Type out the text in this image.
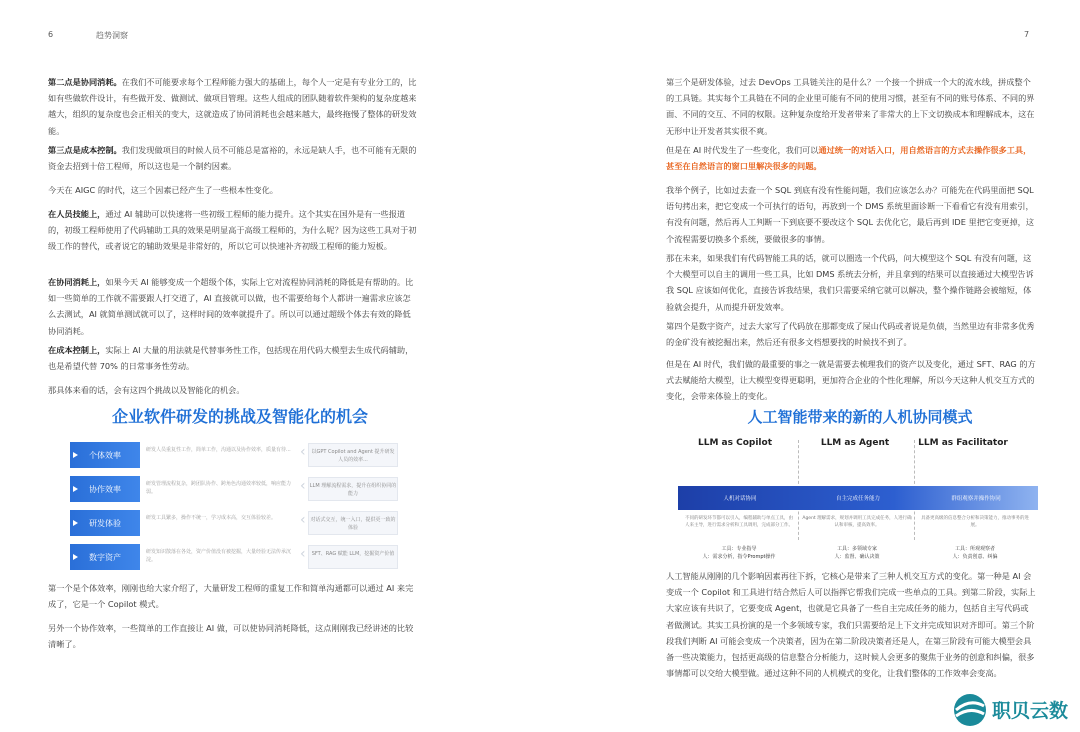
6	趋势洞察

第二点是协同消耗。在我们不可能要求每个工程师能力强大的基础上，每个人一定是有专业分工的，比如有些做软件设计，有些做开发、做测试、做项目管理。这些人组成的团队随着软件架构的复杂度越来越大，组织的复杂度也会正相关的变大，这就造成了协同消耗也会越来越大，最终拖慢了整体的研发效能。

第三点是成本控制。我们发现做项目的时候人员不可能总是富裕的，永远是缺人手，也不可能有无限的资金去招到十倍工程师，所以这也是一个制约因素。

今天在 AIGC 的时代，这三个因素已经产生了一些根本性变化。

在人员技能上，通过 AI 辅助可以快速将一些初级工程师的能力提升。这个其实在国外是有一些报道的，初级工程师使用了代码辅助工具的效果是明显高于高级工程师的，为什么呢？因为这些工具对于初级工作的替代，或者说它的辅助效果是非常好的，所以它可以快速补齐初级工程师的能力短板。

在协同消耗上，如果今天 AI 能够变成一个超级个体，实际上它对流程协同消耗的降低是有帮助的。比如一些简单的工作就不需要跟人打交道了，AI 直接就可以做，也不需要给每个人都讲一遍需求应该怎么去测试，AI 就简单测试就可以了，这样时间的效率就提升了。所以可以通过超级个体去有效的降低协同消耗。

在成本控制上，实际上 AI 大量的用法就是代替事务性工作，包括现在用代码大模型去生成代码辅助，也是希望代替 70% 的日常事务性劳动。

那具体来看的话，会有这四个挑战以及智能化的机会。

企业软件研发的挑战及智能化的机会
个体效率
研发人员重复性工作，简单工作，沟通以及协作效率，质量有待...
协作效率
研发管理流程复杂，跨团队协作、跨角色沟通效率较低，响应能力弱。
研发体验
研发工具繁多，操作不统一，学习成本高，交互体验较差。
数字资产
研发知识散落在各处，资产价值没有被挖掘，大量经验无法传承沉淀。
‹
‹
‹
‹
以GPT Copilot and Agent 提升研发人员的效率...
LLM 理解流程需求，提升在组织协同的能力
对话式交互，统一入口，提供更一致的体验
SFT、RAG 赋能 LLM，挖掘资产价值

第一个是个体效率，刚刚也给大家介绍了，大量研发工程师的重复工作和简单沟通都可以通过 AI 来完成了，它是一个 Copilot 模式。

另外一个协作效率，一些简单的工作直接让 AI 做，可以使协同消耗降低，这点刚刚我已经讲述的比较清晰了。

7

第三个是研发体验，过去 DevOps 工具链关注的是什么？一个接一个拼成一个大的流水线，拼成整个的工具链。其实每个工具链在不同的企业里可能有不同的使用习惯，甚至有不同的账号体系、不同的界面、不同的交互、不同的权限。这种复杂度给开发者带来了非常大的上下文切换成本和理解成本，这在无形中让开发者其实很不爽。

但是在 AI 时代发生了一些变化，我们可以通过统一的对话入口，用自然语言的方式去操作很多工具，甚至在自然语言的窗口里解决很多的问题。

我举个例子，比如过去查一个 SQL 到底有没有性能问题，我们应该怎么办？可能先在代码里面把 SQL 语句拷出来，把它变成一个可执行的语句，再放到一个 DMS 系统里面诊断一下看看它有没有用索引，有没有问题，然后再人工判断一下到底要不要改这个 SQL 去优化它，最后再到 IDE 里把它变更掉，这个流程需要切换多个系统，要做很多的事情。

那在未来，如果我们有代码智能工具的话，就可以圈选一个代码，问大模型这个 SQL 有没有问题，这个大模型可以自主的调用一些工具，比如 DMS 系统去分析，并且拿到的结果可以直接通过大模型告诉我 SQL 应该如何优化，直接告诉我结果，我们只需要采纳它就可以解决，整个操作链路会被缩短，体验就会提升，从而提升研发效率。

第四个是数字资产，过去大家写了代码放在那都变成了屎山代码或者说是负债，当然里边有非常多优秀的金矿没有被挖掘出来，然后还有很多文档想要找的时候找不到了。

但是在 AI 时代，我们做的最重要的事之一就是需要去梳理我们的资产以及变化，通过 SFT、RAG 的方式去赋能给大模型，让大模型变得更聪明，更加符合企业的个性化理解，所以今天这种人机交互方式的变化，会带来体验上的变化。

人工智能带来的新的人机协同模式
LLM as Copilot	LLM as Agent	LLM as Facilitator
人机对话协同	自主完成任务能力	群组观察并操作协同
不同的研发环节都可以引入，编程辅助与单点工具，由人来主导，进行需求分析和工具调用，完成部分工作。
Agent 理解需求，规划并调用工具完成任务，人进行确认和审核，提高效率。
具备更高级的信息整合分析和决策能力，推动事务的进展。
工具：专业指导
人：需求分析，指令Prompt操作
工具：多领域专家
人：监督、确认决策
工具：所观观察者
人：负责创意、纠偏

人工智能从刚刚的几个影响因素再往下拆，它核心是带来了三种人机交互方式的变化。第一种是 AI 会变成一个 Copilot 和工具进行结合然后人可以指挥它帮我们完成一些单点的工具。到第二阶段，实际上大家应该有共识了，它要变成 Agent，也就是它具备了一些自主完成任务的能力，包括自主写代码或者做测试。其实工具扮演的是一个多领域专家，我们只需要给足上下文并完成知识对齐即可。第三个阶段我们判断 AI 可能会变成一个决策者，因为在第二阶段决策者还是人，在第三阶段有可能大模型会具备一些决策能力，包括更高级的信息整合分析能力，这时候人会更多的聚焦于业务的创意和纠偏，很多事情都可以交给大模型做。通过这种不同的人机模式的变化，让我们整体的工作效率会变高。

职贝云数
